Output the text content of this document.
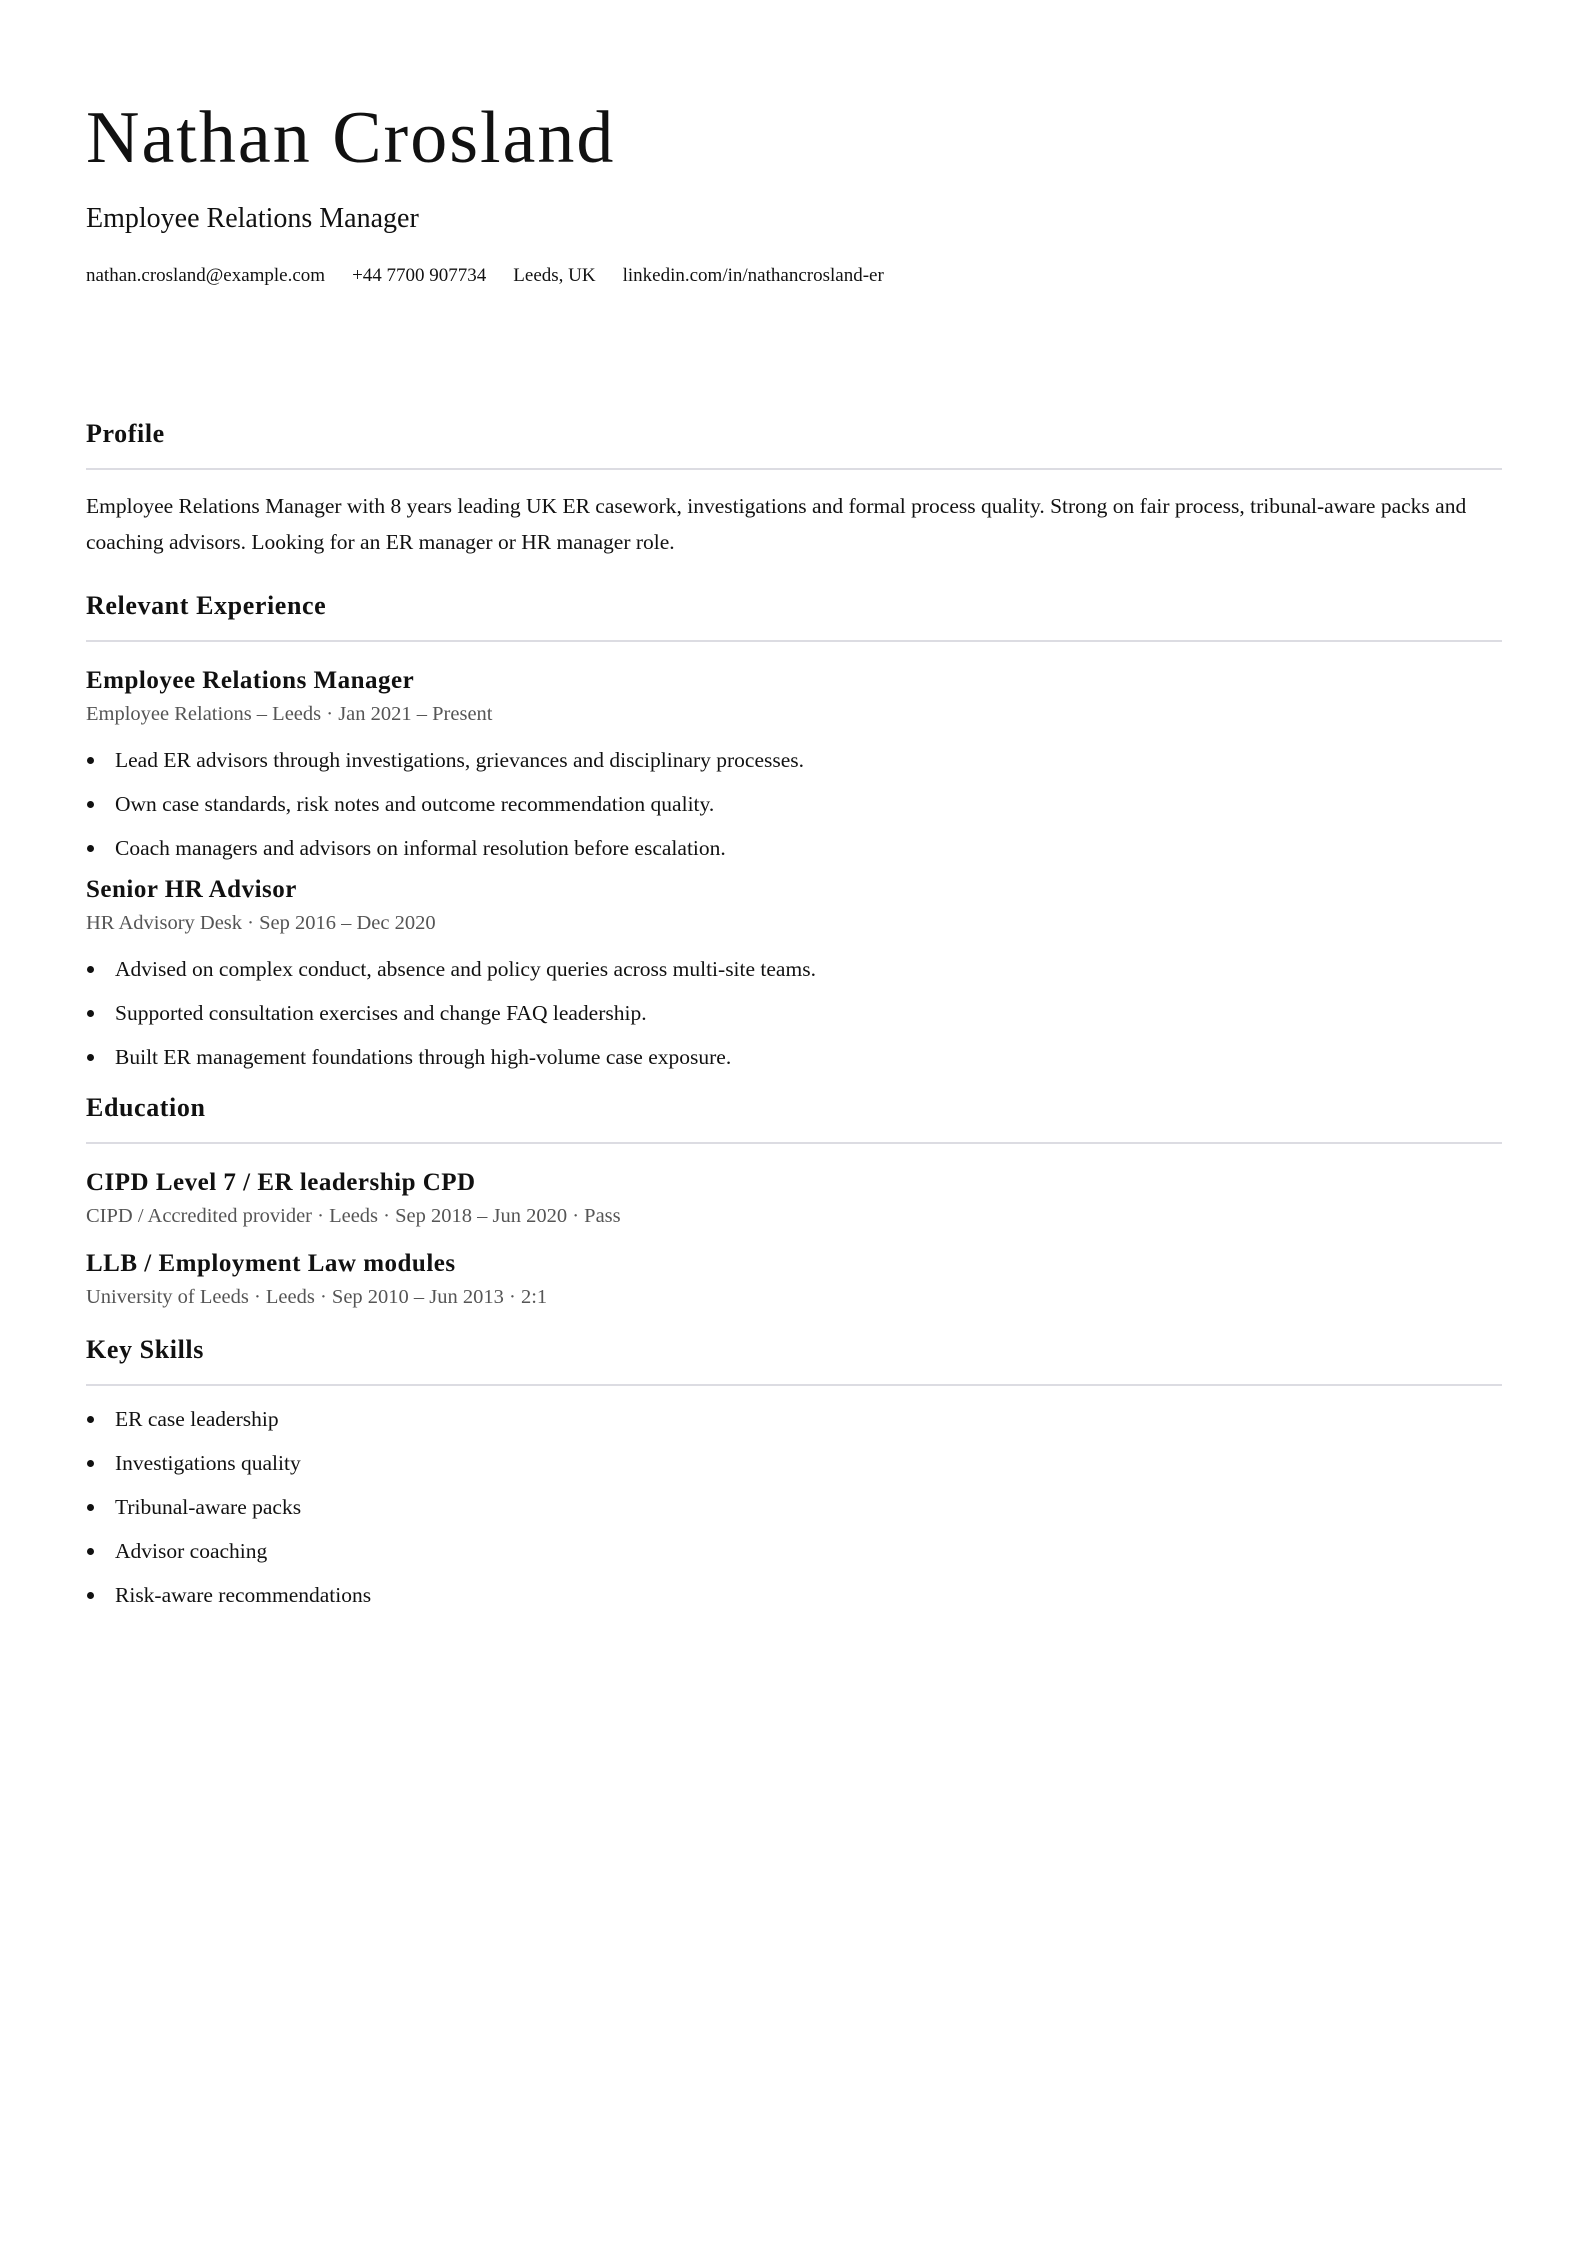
Nathan Crosland
Employee Relations Manager
nathan.crosland@example.com +44 7700 907734 Leeds, UK linkedin.com/in/nathancrosland-er
Profile

Employee Relations Manager with 8 years leading UK ER casework, investigations and formal process quality. Strong on fair process, tribunal-aware packs and coaching advisors. Looking for an ER manager or HR manager role.

Relevant Experience
Employee Relations Manager
Employee Relations – Leeds · Jan 2021 – Present
Lead ER advisors through investigations, grievances and disciplinary processes.
Own case standards, risk notes and outcome recommendation quality.
Coach managers and advisors on informal resolution before escalation.
Senior HR Advisor
HR Advisory Desk · Sep 2016 – Dec 2020
Advised on complex conduct, absence and policy queries across multi-site teams.
Supported consultation exercises and change FAQ leadership.
Built ER management foundations through high-volume case exposure.
Education
CIPD Level 7 / ER leadership CPD
CIPD / Accredited provider · Leeds · Sep 2018 – Jun 2020 · Pass
LLB / Employment Law modules
University of Leeds · Leeds · Sep 2010 – Jun 2013 · 2:1
Key Skills
ER case leadership
Investigations quality
Tribunal-aware packs
Advisor coaching
Risk-aware recommendations
